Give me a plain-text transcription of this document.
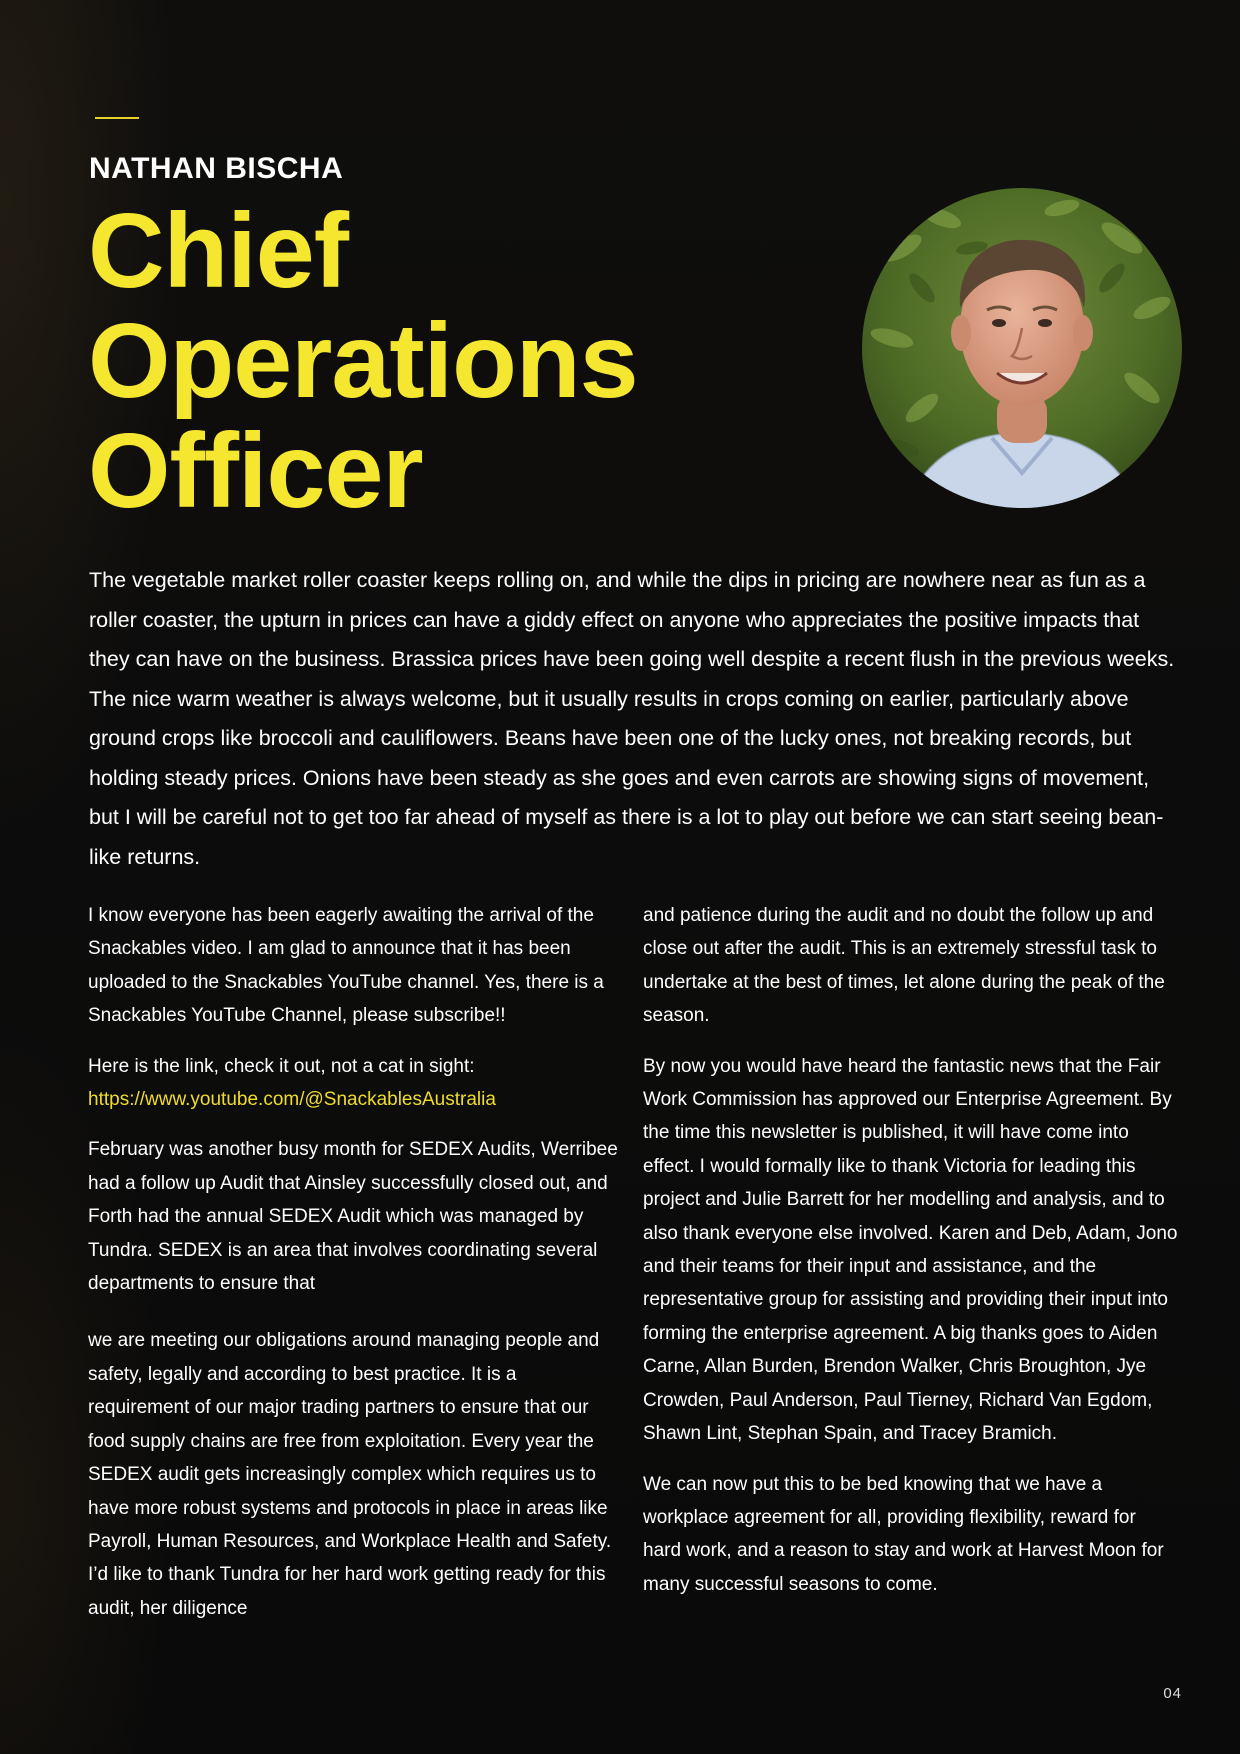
NATHAN BISCHA
Chief
Operations
Officer

The vegetable market roller coaster keeps rolling on, and while the dips in pricing are nowhere near as fun as a roller coaster, the upturn in prices can have a giddy effect on anyone who appreciates the positive impacts that they can have on the business. Brassica prices have been going well despite a recent flush in the previous weeks. The nice warm weather is always welcome, but it usually results in crops coming on earlier, particularly above ground crops like broccoli and cauliflowers. Beans have been one of the lucky ones, not breaking records, but holding steady prices. Onions have been steady as she goes and even carrots are showing signs of movement, but I will be careful not to get too far ahead of myself as there is a lot to play out before we can start seeing bean-like returns.

I know everyone has been eagerly awaiting the arrival of the Snackables video. I am glad to announce that it has been uploaded to the Snackables YouTube channel. Yes, there is a Snackables YouTube Channel, please subscribe!!

Here is the link, check it out, not a cat in sight:
https://www.youtube.com/@SnackablesAustralia

February was another busy month for SEDEX Audits, Werribee had a follow up Audit that Ainsley successfully closed out, and Forth had the annual SEDEX Audit which was managed by Tundra. SEDEX is an area that involves coordinating several departments to ensure that

we are meeting our obligations around managing people and safety, legally and according to best practice. It is a requirement of our major trading partners to ensure that our food supply chains are free from exploitation. Every year the SEDEX audit gets increasingly complex which requires us to have more robust systems and protocols in place in areas like Payroll, Human Resources, and Workplace Health and Safety. I’d like to thank Tundra for her hard work getting ready for this audit, her diligence

and patience during the audit and no doubt the follow up and close out after the audit. This is an extremely stressful task to undertake at the best of times, let alone during the peak of the season.

By now you would have heard the fantastic news that the Fair Work Commission has approved our Enterprise Agreement. By the time this newsletter is published, it will have come into effect. I would formally like to thank Victoria for leading this project and Julie Barrett for her modelling and analysis, and to also thank everyone else involved. Karen and Deb, Adam, Jono and their teams for their input and assistance, and the representative group for assisting and providing their input into forming the enterprise agreement. A big thanks goes to Aiden Carne, Allan Burden, Brendon Walker, Chris Broughton, Jye Crowden, Paul Anderson, Paul Tierney, Richard Van Egdom, Shawn Lint, Stephan Spain, and Tracey Bramich.

We can now put this to be bed knowing that we have a workplace agreement for all, providing flexibility, reward for hard work, and a reason to stay and work at Harvest Moon for many successful seasons to come.

04
